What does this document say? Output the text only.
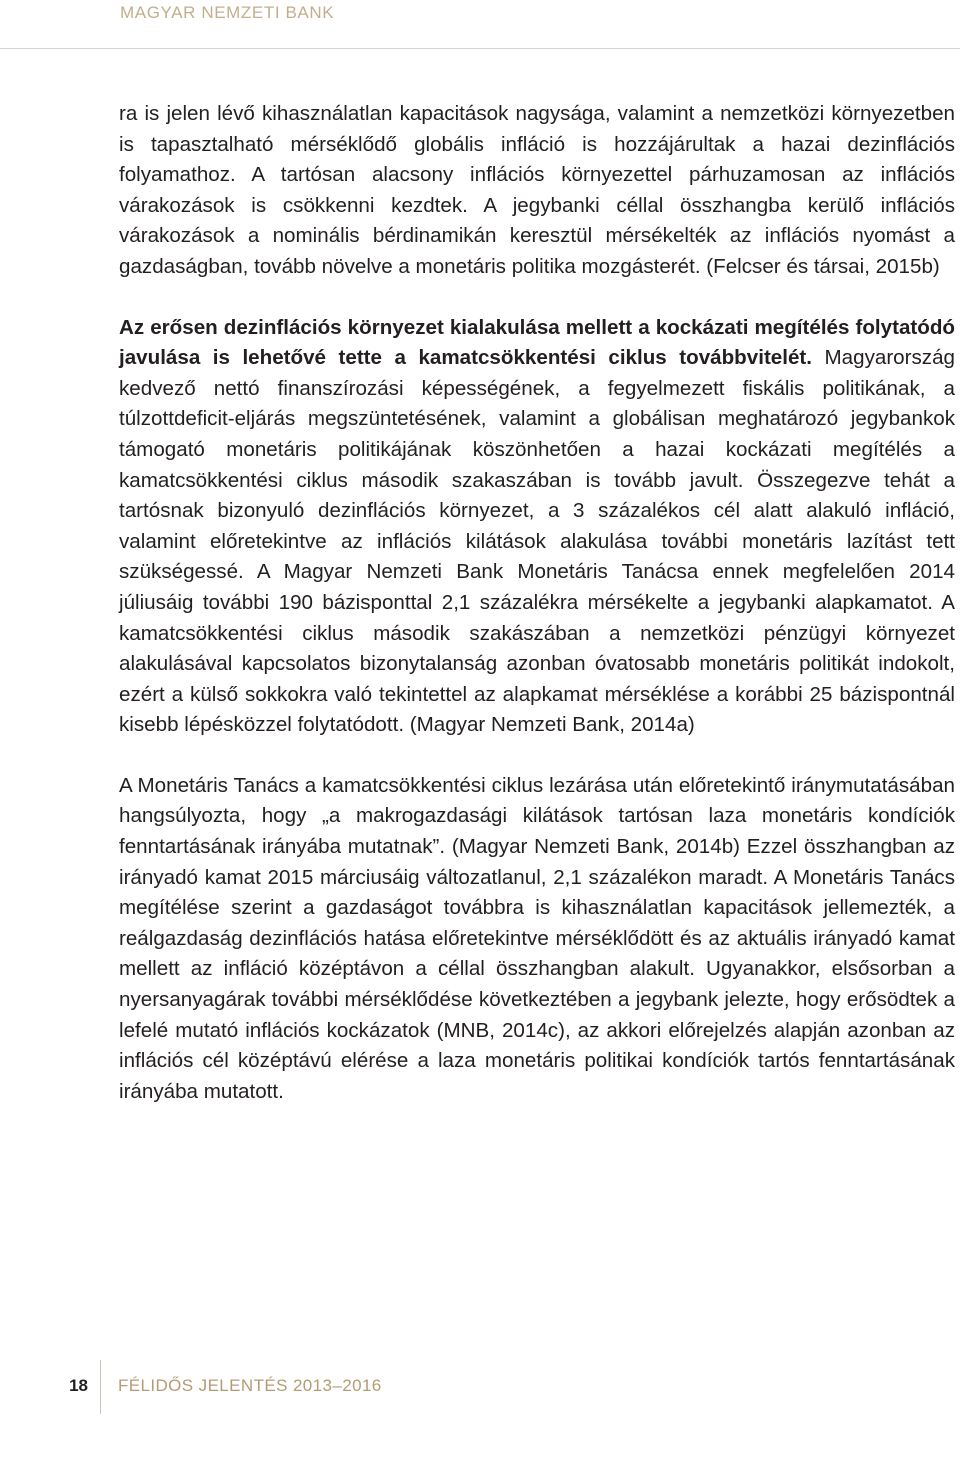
MAGYAR NEMZETI BANK

ra is jelen lévő kihasználatlan kapacitások nagysága, valamint a nemzetközi környezetben is tapasztalható mérséklődő globális infláció is hozzájárultak a hazai dezinflációs folyamathoz. A tartósan alacsony inflációs környezettel párhuzamosan az inflációs várakozások is csökkenni kezdtek. A jegybanki céllal összhangba kerülő inflációs várakozások a nominális bérdinamikán keresztül mérsékelték az inflációs nyomást a gazdaságban, tovább növelve a monetáris politika mozgásterét. (Felcser és társai, 2015b)

Az erősen dezinflációs környezet kialakulása mellett a kockázati megítélés folytatódó javulása is lehetővé tette a kamatcsökkentési ciklus továbbvitelét. Magyarország kedvező nettó finanszírozási képességének, a fegyelmezett fiskális politikának, a túlzottdeficit-eljárás megszüntetésének, valamint a globálisan meghatározó jegybankok támogató monetáris politikájának köszönhetően a hazai kockázati megítélés a kamatcsökkentési ciklus második szakaszában is tovább javult. Összegezve tehát a tartósnak bizonyuló dezinflációs környezet, a 3 százalékos cél alatt alakuló infláció, valamint előretekintve az inflációs kilátások alakulása további monetáris lazítást tett szükségessé. A Magyar Nemzeti Bank Monetáris Tanácsa ennek megfelelően 2014 júliusáig további 190 bázisponttal 2,1 százalékra mérsékelte a jegybanki alapkamatot. A kamatcsökkentési ciklus második szakászában a nemzetközi pénzügyi környezet alakulásával kapcsolatos bizonytalanság azonban óvatosabb monetáris politikát indokolt, ezért a külső sokkokra való tekintettel az alapkamat mérséklése a korábbi 25 bázispontnál kisebb lépésközzel folytatódott. (Magyar Nemzeti Bank, 2014a)

A Monetáris Tanács a kamatcsökkentési ciklus lezárása után előretekintő iránymutatásában hangsúlyozta, hogy „a makrogazdasági kilátások tartósan laza monetáris kondíciók fenntartásának irányába mutatnak”. (Magyar Nemzeti Bank, 2014b) Ezzel összhangban az irányadó kamat 2015 márciusáig változatlanul, 2,1 százalékon maradt. A Monetáris Tanács megítélése szerint a gazdaságot továbbra is kihasználatlan kapacitások jellemezték, a reálgazdaság dezinflációs hatása előretekintve mérséklődött és az aktuális irányadó kamat mellett az infláció középtávon a céllal összhangban alakult. Ugyanakkor, elsősorban a nyersanyagárak további mérséklődése következtében a jegybank jelezte, hogy erősödtek a lefelé mutató inflációs kockázatok (MNB, 2014c), az akkori előrejelzés alapján azonban az inflációs cél középtávú elérése a laza monetáris politikai kondíciók tartós fenntartásának irányába mutatott.

18 FÉLIDŐS JELENTÉS 2013–2016
